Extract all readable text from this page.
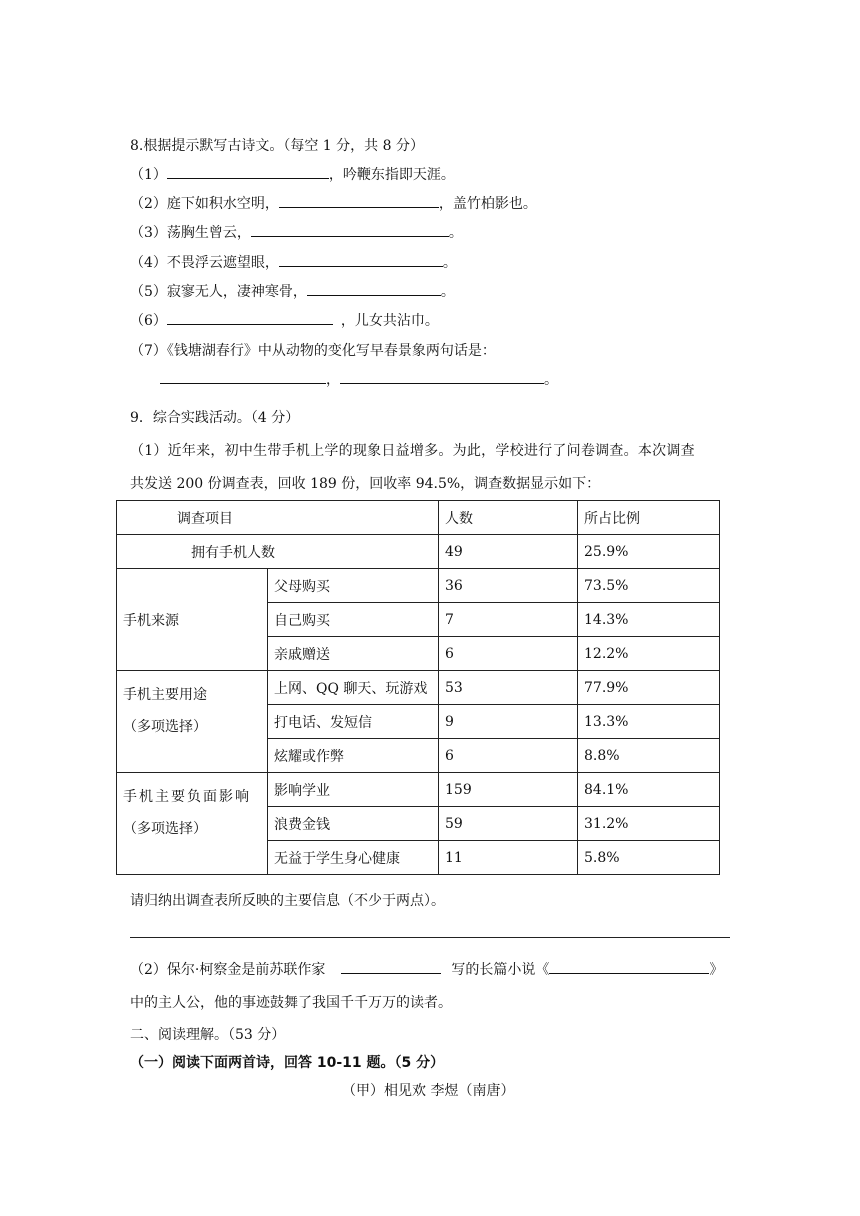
8.根据提示默写古诗文。（每空 1 分，共 8 分）
（1）	，吟鞭东指即天涯。
（2）庭下如积水空明，	，盖竹柏影也。
（3）荡胸生曾云，	。
（4）不畏浮云遮望眼，	。
（5）寂寥无人，凄神寒骨，	。
（6）	，儿女共沾巾。
（7）《钱塘湖春行》中从动物的变化写早春景象两句话是：
，	。
9．综合实践活动。（4 分）
（1）近年来，初中生带手机上学的现象日益增多。为此，学校进行了问卷调查。本次调查
共发送 200 份调查表，回收 189 份，回收率 94.5%，调查数据显示如下：
调查项目		人数	所占比例
拥有手机人数		49	25.9%
手机来源	父母购买	36	73.5%
	自己购买	7	14.3%
	亲戚赠送	6	12.2%

手机主要用途
（多项选择）	上网、QQ 聊天、玩游戏	53	77.9%
	打电话、发短信	9	13.3%
	炫耀或作弊	6	8.8%

手机主要负面影响
（多项选择）	影响学业	159	84.1%
	浪费金钱	59	31.2%
	无益于学生身心健康	11	5.8%
请归纳出调查表所反映的主要信息（不少于两点）。
（2）保尔·柯察金是前苏联作家	写的长篇小说《	》
中的主人公，他的事迹鼓舞了我国千千万万的读者。
二、阅读理解。（53 分）
（一）阅读下面两首诗，回答 10-11 题。（5 分）
（甲）相见欢 李煜（南唐）
